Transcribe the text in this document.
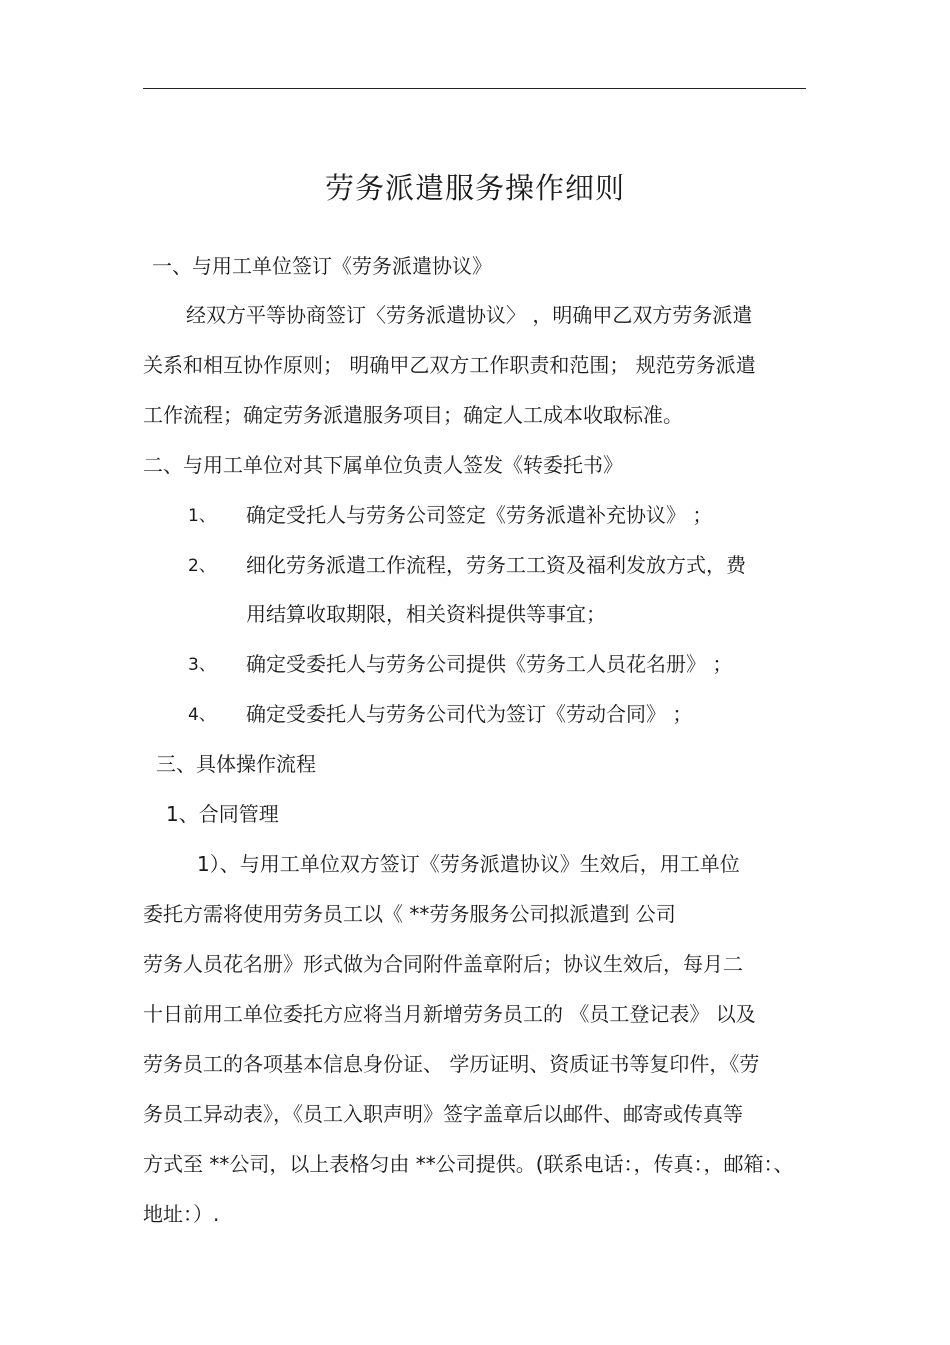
劳务派遣服务操作细则
一、与用工单位签订《劳务派遣协议》
经双方平等协商签订〈劳务派遣协议〉 ，明确甲乙双方劳务派遣
关系和相互协作原则； 明确甲乙双方工作职责和范围； 规范劳务派遣
工作流程；确定劳务派遣服务项目；确定人工成本收取标准。
二、与用工单位对其下属单位负责人签发《转委托书》
1、 确定受托人与劳务公司签定《劳务派遣补充协议》 ；
2、 细化劳务派遣工作流程，劳务工工资及福利发放方式，费
用结算收取期限，相关资料提供等事宜；
3、 确定受委托人与劳务公司提供《劳务工人员花名册》 ；
4、 确定受委托人与劳务公司代为签订《劳动合同》 ；
三、具体操作流程
1、合同管理
1）、与用工单位双方签订《劳务派遣协议》生效后，用工单位
委托方需将使用劳务员工以《 **劳务服务公司拟派遣到 公司
劳务人员花名册》形式做为合同附件盖章附后；协议生效后，每月二
十日前用工单位委托方应将当月新增劳务员工的 《员工登记表》 以及
劳务员工的各项基本信息身份证、 学历证明、资质证书等复印件，《劳
务员工异动表》，《员工入职声明》签字盖章后以邮件、邮寄或传真等
方式至 **公司，以上表格匀由 **公司提供。(联系电话：，传真：，邮箱：、
地址：）.
